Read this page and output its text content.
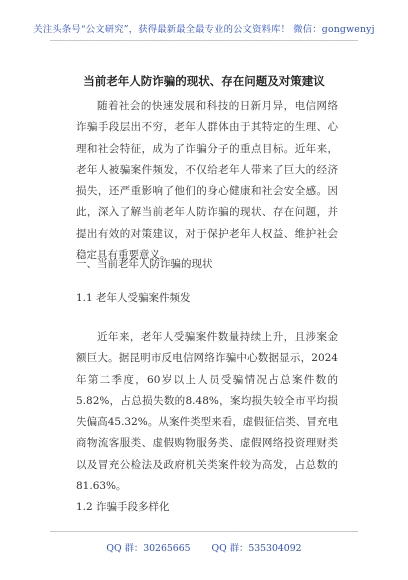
关注头条号“公文研究”，获得最新最全最专业的公文资料库！ 微信：gongwenyj
当前老年人防诈骗的现状、存在问题及对策建议

随着社会的快速发展和科技的日新月异，电信网络诈骗手段层出不穷，老年人群体由于其特定的生理、心理和社会特征，成为了诈骗分子的重点目标。近年来，老年人被骗案件频发，不仅给老年人带来了巨大的经济损失，还严重影响了他们的身心健康和社会安全感。因此，深入了解当前老年人防诈骗的现状、存在问题，并提出有效的对策建议，对于保护老年人权益、维护社会稳定具有重要意义。

一、当前老年人防诈骗的现状
1.1 老年人受骗案件频发

近年来，老年人受骗案件数量持续上升，且涉案金额巨大。据昆明市反电信网络诈骗中心数据显示，2024年第二季度，60岁以上人员受骗情况占总案件数的5.82%，占总损失数的8.48%，案均损失较全市平均损失偏高45.32%。从案件类型来看，虚假征信类、冒充电商物流客服类、虚假购物服务类、虚假网络投资理财类以及冒充公检法及政府机关类案件较为高发，占总数的81.63%。

1.2 诈骗手段多样化
QQ 群：30265665 QQ 群：535304092
